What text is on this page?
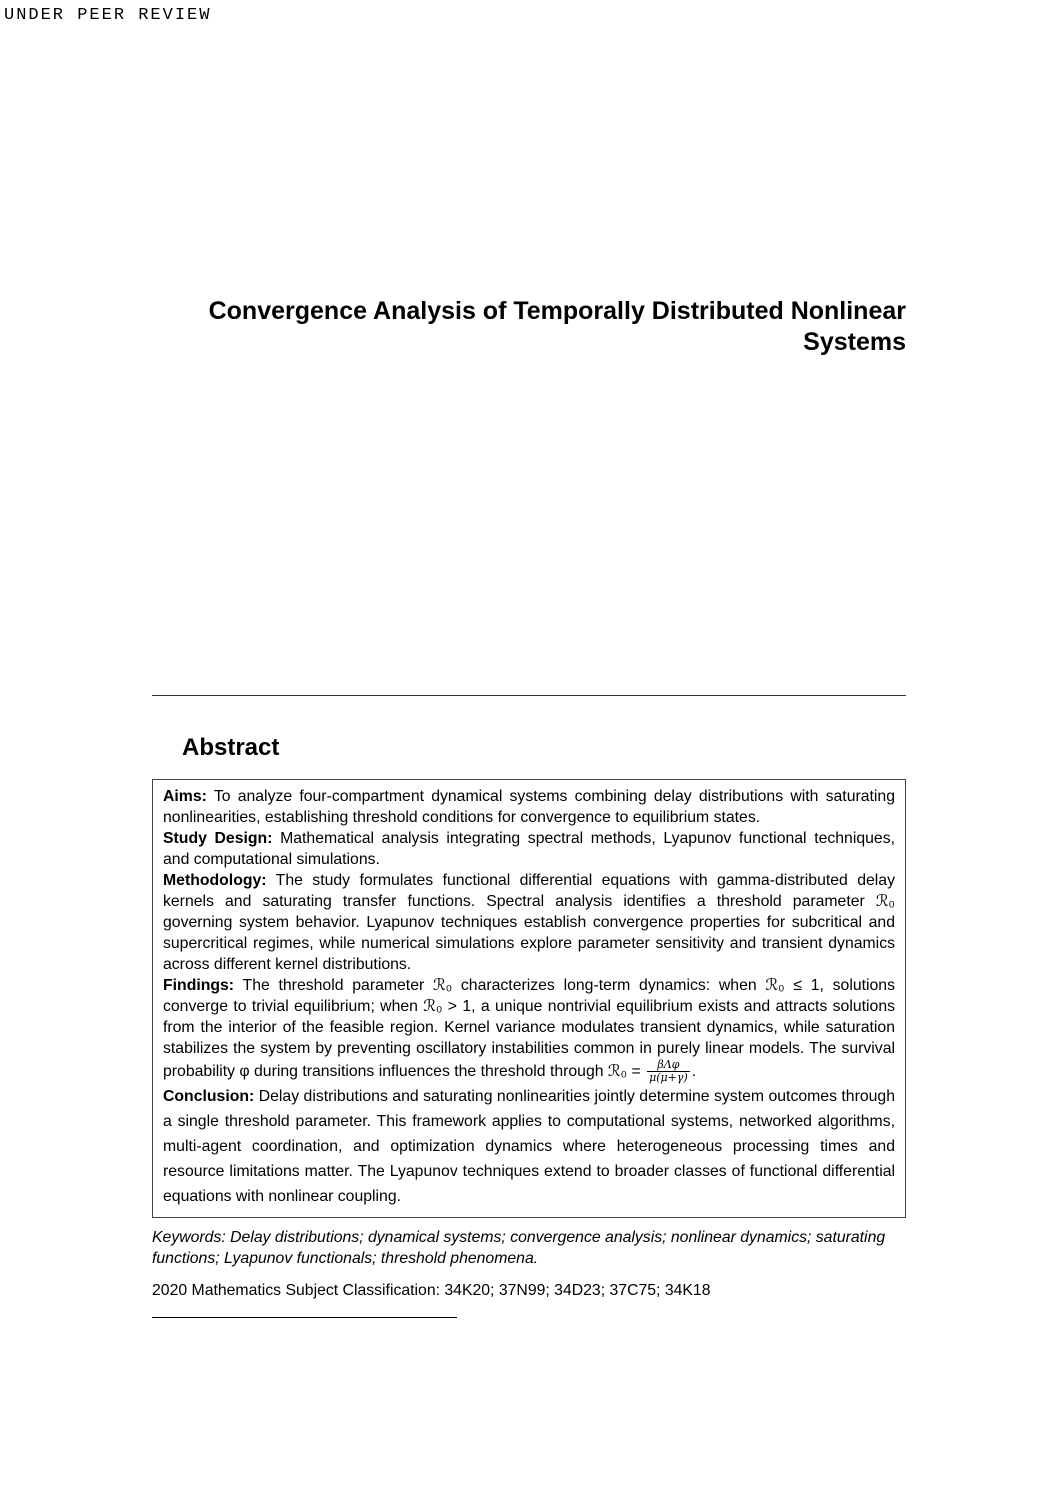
UNDER PEER REVIEW
Convergence Analysis of Temporally Distributed Nonlinear
Systems
Abstract

Aims: To analyze four-compartment dynamical systems combining delay distributions with saturating nonlinearities, establishing threshold conditions for convergence to equilibrium states.

Study Design: Mathematical analysis integrating spectral methods, Lyapunov functional techniques, and computational simulations.

Methodology: The study formulates functional differential equations with gamma-distributed delay kernels and saturating transfer functions. Spectral analysis identifies a threshold parameter ℛ₀ governing system behavior. Lyapunov techniques establish convergence properties for subcritical and supercritical regimes, while numerical simulations explore parameter sensitivity and transient dynamics across different kernel distributions.

Findings: The threshold parameter ℛ₀ characterizes long-term dynamics: when ℛ₀ ≤ 1, solutions converge to trivial equilibrium; when ℛ₀ > 1, a unique nontrivial equilibrium exists and attracts solutions from the interior of the feasible region. Kernel variance modulates transient dynamics, while saturation stabilizes the system by preventing oscillatory instabilities common in purely linear models. The survival probability φ during transitions influences the threshold through ℛ₀ = $\frac{\text{βΛφ}}{\mu(\mu+\gamma)}$ .

Conclusion: Delay distributions and saturating nonlinearities jointly determine system outcomes through a single threshold parameter. This framework applies to computational systems, networked algorithms, multi-agent coordination, and optimization dynamics where heterogeneous processing times and resource limitations matter. The Lyapunov techniques extend to broader classes of functional differential equations with nonlinear coupling.

Keywords: Delay distributions; dynamical systems; convergence analysis; nonlinear dynamics; saturating functions; Lyapunov functionals; threshold phenomena.

2020 Mathematics Subject Classification: 34K20; 37N99; 34D23; 37C75; 34K18
